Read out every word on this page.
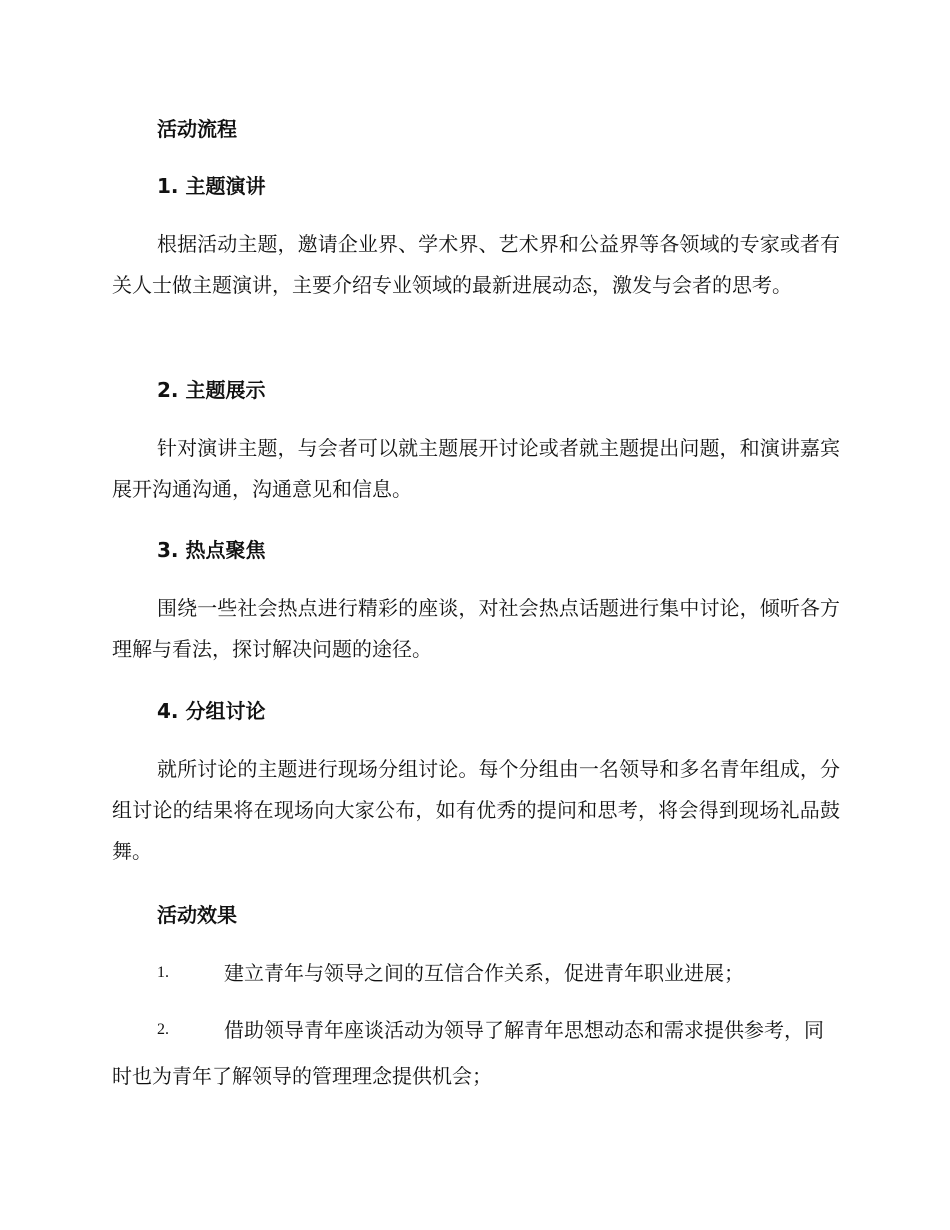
活动流程
1. 主题演讲
根据活动主题，邀请企业界、学术界、艺术界和公益界等各领域的专家或者有关人士做主题演讲，主要介绍专业领域的最新进展动态，激发与会者的思考。
2. 主题展示
针对演讲主题，与会者可以就主题展开讨论或者就主题提出问题，和演讲嘉宾展开沟通沟通，沟通意见和信息。
3. 热点聚焦
围绕一些社会热点进行精彩的座谈，对社会热点话题进行集中讨论，倾听各方理解与看法，探讨解决问题的途径。
4. 分组讨论
就所讨论的主题进行现场分组讨论。每个分组由一名领导和多名青年组成，分组讨论的结果将在现场向大家公布，如有优秀的提问和思考，将会得到现场礼品鼓舞。
活动效果
1.	建立青年与领导之间的互信合作关系，促进青年职业进展；
2.	借助领导青年座谈活动为领导了解青年思想动态和需求提供参考，同时也为青年了解领导的管理理念提供机会；
